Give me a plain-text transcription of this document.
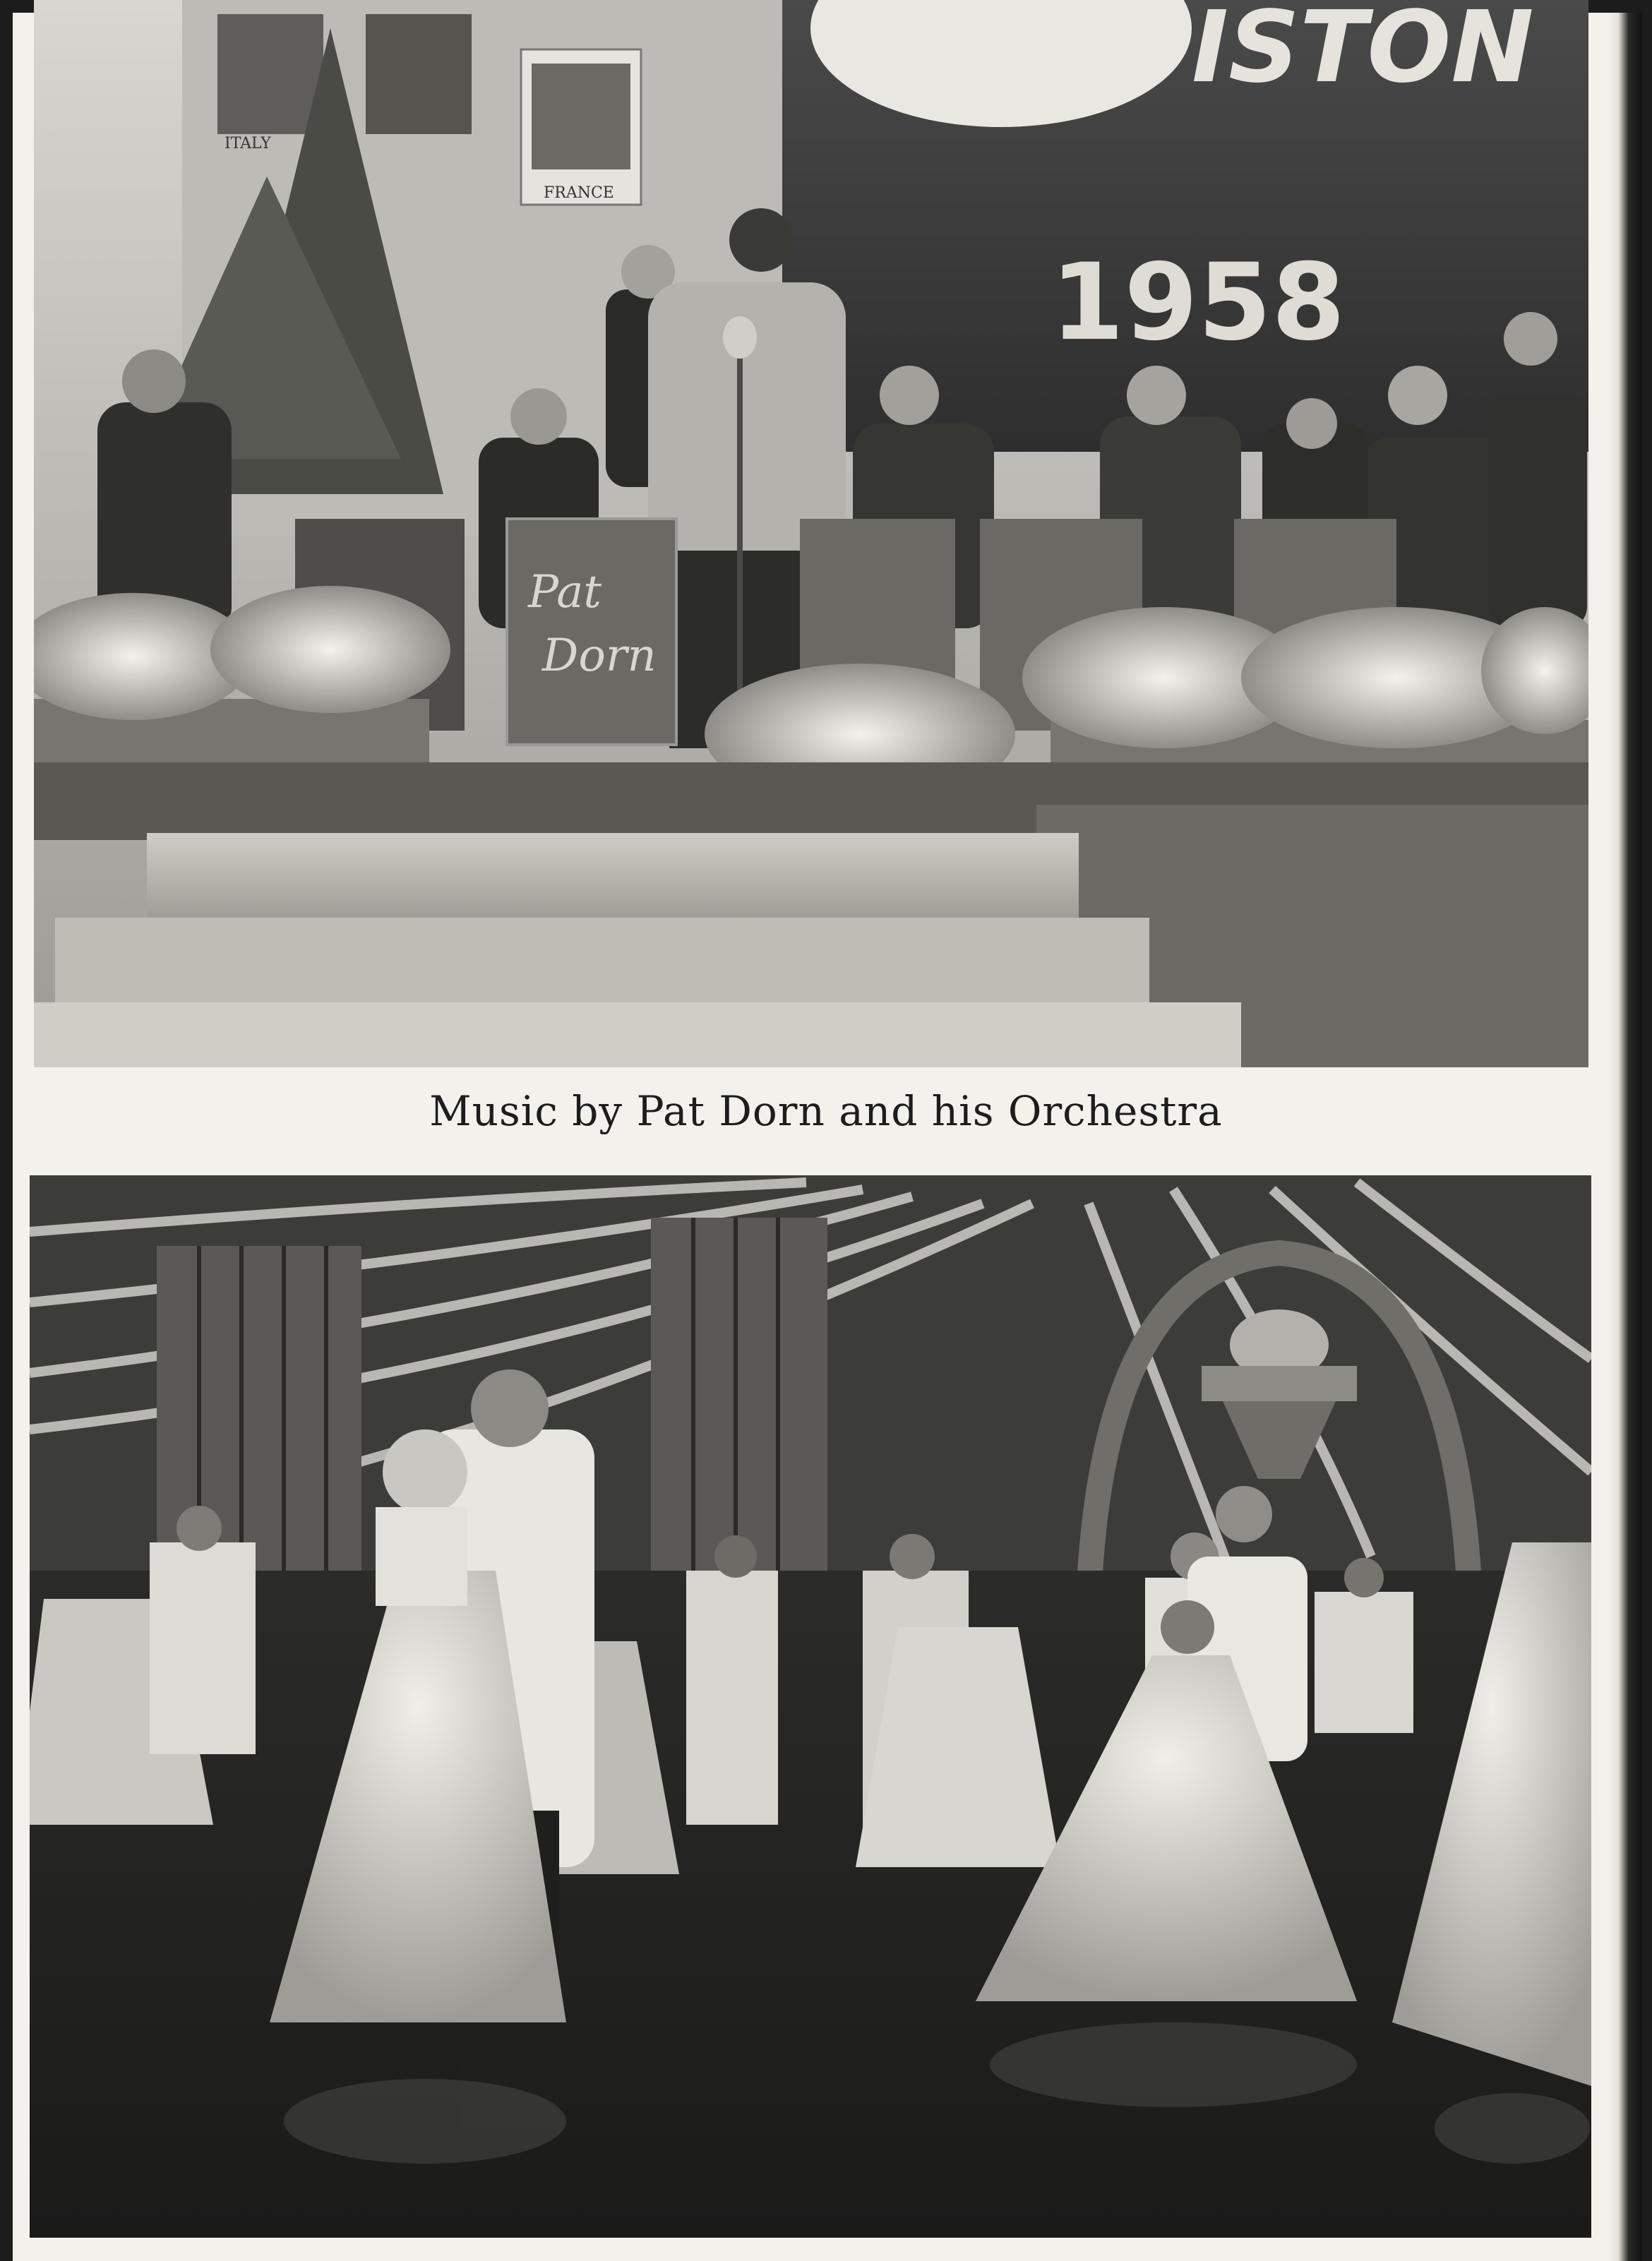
FRANCE
ITALY
ISTON
1958
Pat
Dorn
Music by Pat Dorn and his Orchestra
